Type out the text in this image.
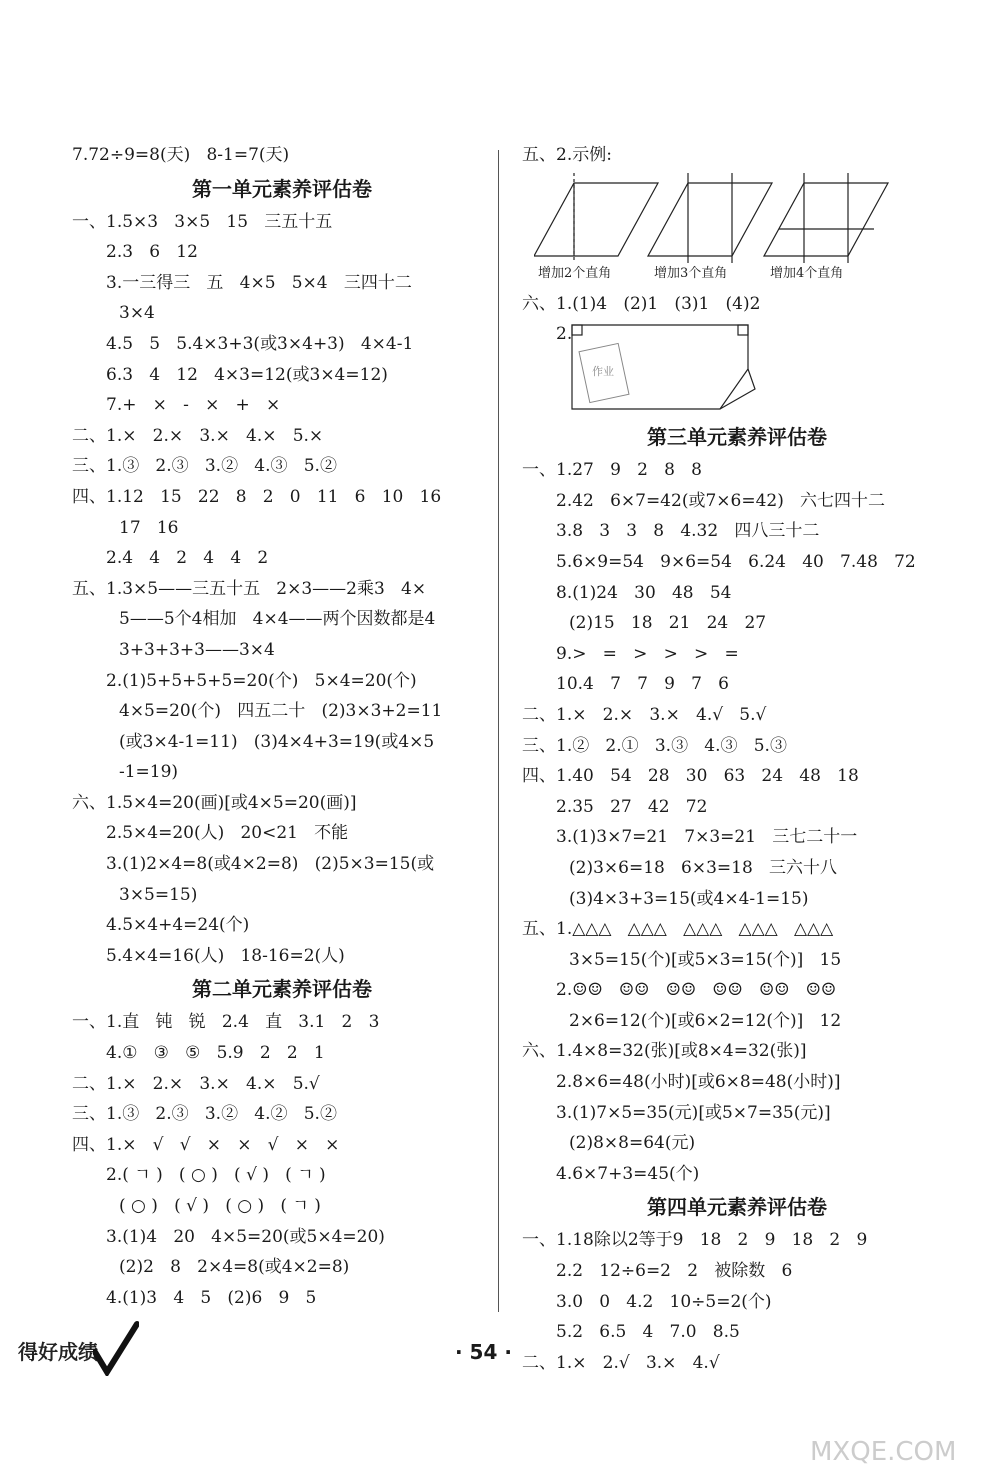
7.72÷9=8(天)   8-1=7(天)
第一单元素养评估卷
一、1.5×3   3×5   15   三五十五
2.3   6   12
3.一三得三   五   4×5   5×4   三四十二
3×4
4.5   5   5.4×3+3(或3×4+3)   4×4-1
6.3   4   12   4×3=12(或3×4=12)
7.+   ×   -   ×   +   ×
二、1.×   2.×   3.×   4.×   5.×
三、1.③   2.③   3.②   4.③   5.②
四、1.12   15   22   8   2   0   11   6   10   16
17   16
2.4   4   2   4   4   2
五、1.3×5——三五十五   2×3——2乘3   4×
5——5个4相加   4×4——两个因数都是4
3+3+3+3——3×4
2.(1)5+5+5+5=20(个)   5×4=20(个)
4×5=20(个)   四五二十   (2)3×3+2=11
(或3×4-1=11)   (3)4×4+3=19(或4×5
-1=19)
六、1.5×4=20(画)[或4×5=20(画)]
2.5×4=20(人)   20<21   不能
3.(1)2×4=8(或4×2=8)   (2)5×3=15(或
3×5=15)
4.5×4+4=24(个)
5.4×4=16(人)   18-16=2(人)
第二单元素养评估卷
一、1.直   钝   锐   2.4   直   3.1   2   3
4.①   ③   ⑤   5.9   2   2   1
二、1.×   2.×   3.×   4.×   5.√
三、1.③   2.③   3.②   4.②   5.②
四、1.×   √   √   ×   ×   √   ×   ×
2.( ㄱ )   ( ○ )   ( √ )   ( ㄱ )
( ○ )   ( √ )   ( ○ )   ( ㄱ )
3.(1)4   20   4×5=20(或5×4=20)
(2)2   8   2×4=8(或4×2=8)
4.(1)3   4   5   (2)6   9   5
五、2.示例:
增加2个直角	增加3个直角	增加4个直角
六、1.(1)4   (2)1   (3)1   (4)2
2.
作业
第三单元素养评估卷
一、1.27   9   2   8   8
2.42   6×7=42(或7×6=42)   六七四十二
3.8   3   3   8   4.32   四八三十二
5.6×9=54   9×6=54   6.24   40   7.48   72
8.(1)24   30   48   54
(2)15   18   21   24   27
9.>   =   >   >   >   =
10.4   7   7   9   7   6
二、1.×   2.×   3.×   4.√   5.√
三、1.②   2.①   3.③   4.③   5.③
四、1.40   54   28   30   63   24   48   18
2.35   27   42   72
3.(1)3×7=21   7×3=21   三七二十一
(2)3×6=18   6×3=18   三六十八
(3)4×3+3=15(或4×4-1=15)
五、1.△△△   △△△   △△△   △△△   △△△
3×5=15(个)[或5×3=15(个)]   15
2.☺☺   ☺☺   ☺☺   ☺☺   ☺☺   ☺☺
2×6=12(个)[或6×2=12(个)]   12
六、1.4×8=32(张)[或8×4=32(张)]
2.8×6=48(小时)[或6×8=48(小时)]
3.(1)7×5=35(元)[或5×7=35(元)]
(2)8×8=64(元)
4.6×7+3=45(个)
第四单元素养评估卷
一、1.18除以2等于9   18   2   9   18   2   9
2.2   12÷6=2   2   被除数   6
3.0   0   4.2   10÷5=2(个)
5.2   6.5   4   7.0   8.5
二、1.×   2.√   3.×   4.√
得好成绩	· 54 ·
MXQE.COM
